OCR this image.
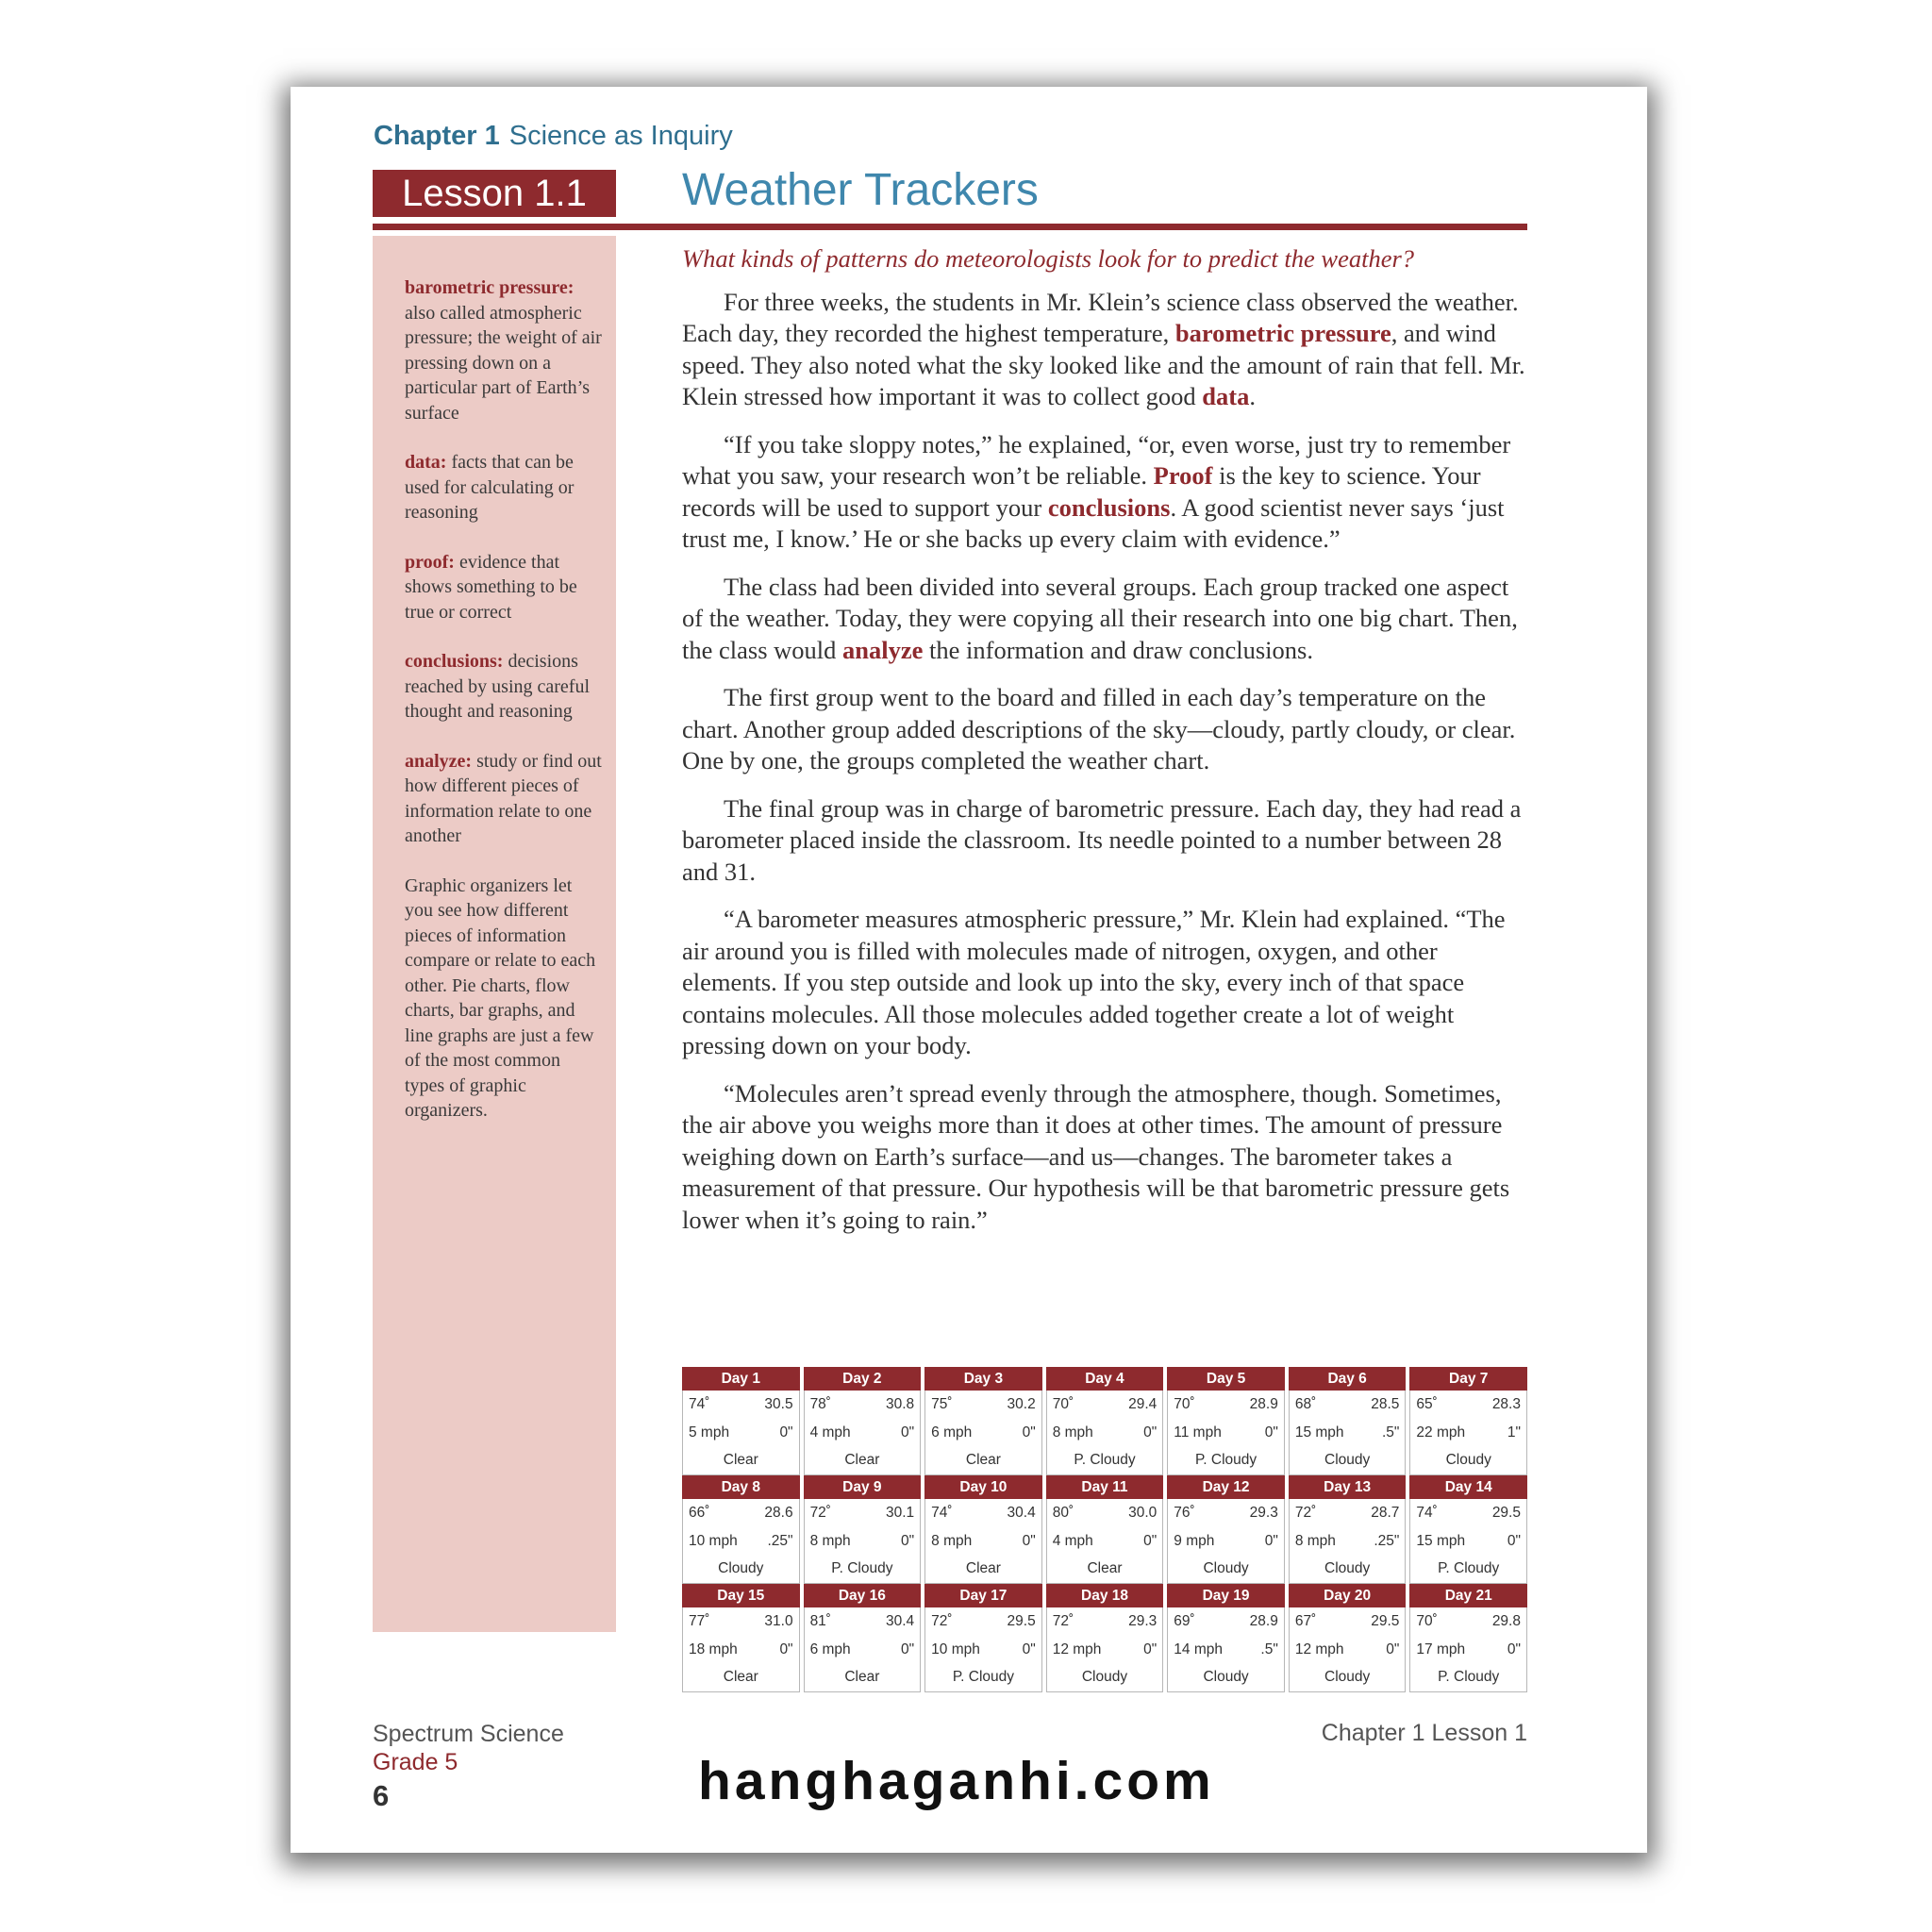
Chapter 1 Science as Inquiry
Lesson 1.1	Weather Trackers

barometric pressure: also called atmospheric pressure; the weight of air pressing down on a particular part of Earth’s surface

data: facts that can be used for calculating or reasoning

proof: evidence that shows something to be true or correct

conclusions: decisions reached by using careful thought and reasoning

analyze: study or find out how different pieces of information relate to one another

Graphic organizers let you see how different pieces of information compare or relate to each other. Pie charts, flow charts, bar graphs, and line graphs are just a few of the most common types of graphic organizers.

What kinds of patterns do meteorologists look for to predict the weather?

For three weeks, the students in Mr. Klein’s science class observed the weather. Each day, they recorded the highest temperature, barometric pressure, and wind speed. They also noted what the sky looked like and the amount of rain that fell. Mr. Klein stressed how important it was to collect good data.

“If you take sloppy notes,” he explained, “or, even worse, just try to remember what you saw, your research won’t be reliable. Proof is the key to science. Your records will be used to support your conclusions. A good scientist never says ‘just trust me, I know.’ He or she backs up every claim with evidence.”

The class had been divided into several groups. Each group tracked one aspect of the weather. Today, they were copying all their research into one big chart. Then, the class would analyze the information and draw conclusions.

The first group went to the board and filled in each day’s temperature on the chart. Another group added descriptions of the sky—cloudy, partly cloudy, or clear. One by one, the groups completed the weather chart.

The final group was in charge of barometric pressure. Each day, they had read a barometer placed inside the classroom. Its needle pointed to a number between 28 and 31.

“A barometer measures atmospheric pressure,” Mr. Klein had explained. “The air around you is filled with molecules made of nitrogen, oxygen, and other elements. If you step outside and look up into the sky, every inch of that space contains molecules. All those molecules added together create a lot of weight pressing down on your body.

“Molecules aren’t spread evenly through the atmosphere, though. Sometimes, the air above you weighs more than it does at other times. The amount of pressure weighing down on Earth’s surface—and us—changes. The barometer takes a measurement of that pressure. Our hypothesis will be that barometric pressure gets lower when it’s going to rain.”

Day 1	Day 2	Day 3	Day 4	Day 5	Day 6	Day 7
74˚	30.5
5 mph	0"
Clear
78˚	30.8
4 mph	0"
Clear
75˚	30.2
6 mph	0"
Clear
70˚	29.4
8 mph	0"
P. Cloudy
70˚	28.9
11 mph	0"
P. Cloudy
68˚	28.5
15 mph	.5"
Cloudy
65˚	28.3
22 mph	1"
Cloudy
Day 8	Day 9	Day 10	Day 11	Day 12	Day 13	Day 14
66˚	28.6
10 mph .25"
Cloudy
72˚	30.1
8 mph	0"
P. Cloudy
74˚	30.4
8 mph	0"
Clear
80˚	30.0
4 mph	0"
Clear
76˚	29.3
9 mph	0"
Cloudy
72˚	28.7
8 mph	.25"
Cloudy
74˚	29.5
15 mph	0"
P. Cloudy
Day 15	Day 16	Day 17	Day 18	Day 19	Day 20	Day 21
77˚	31.0
18 mph	0"
Clear
81˚	30.4
6 mph	0"
Clear
72˚	29.5
10 mph	0"
P. Cloudy
72˚	29.3
12 mph	0"
Cloudy
69˚	28.9
14 mph	.5"
Cloudy
67˚	29.5
12 mph	0"
Cloudy
70˚	29.8
17 mph	0"
P. Cloudy
Spectrum Science
Grade 5
6
Chapter 1 Lesson 1
hanghaganhi.com
